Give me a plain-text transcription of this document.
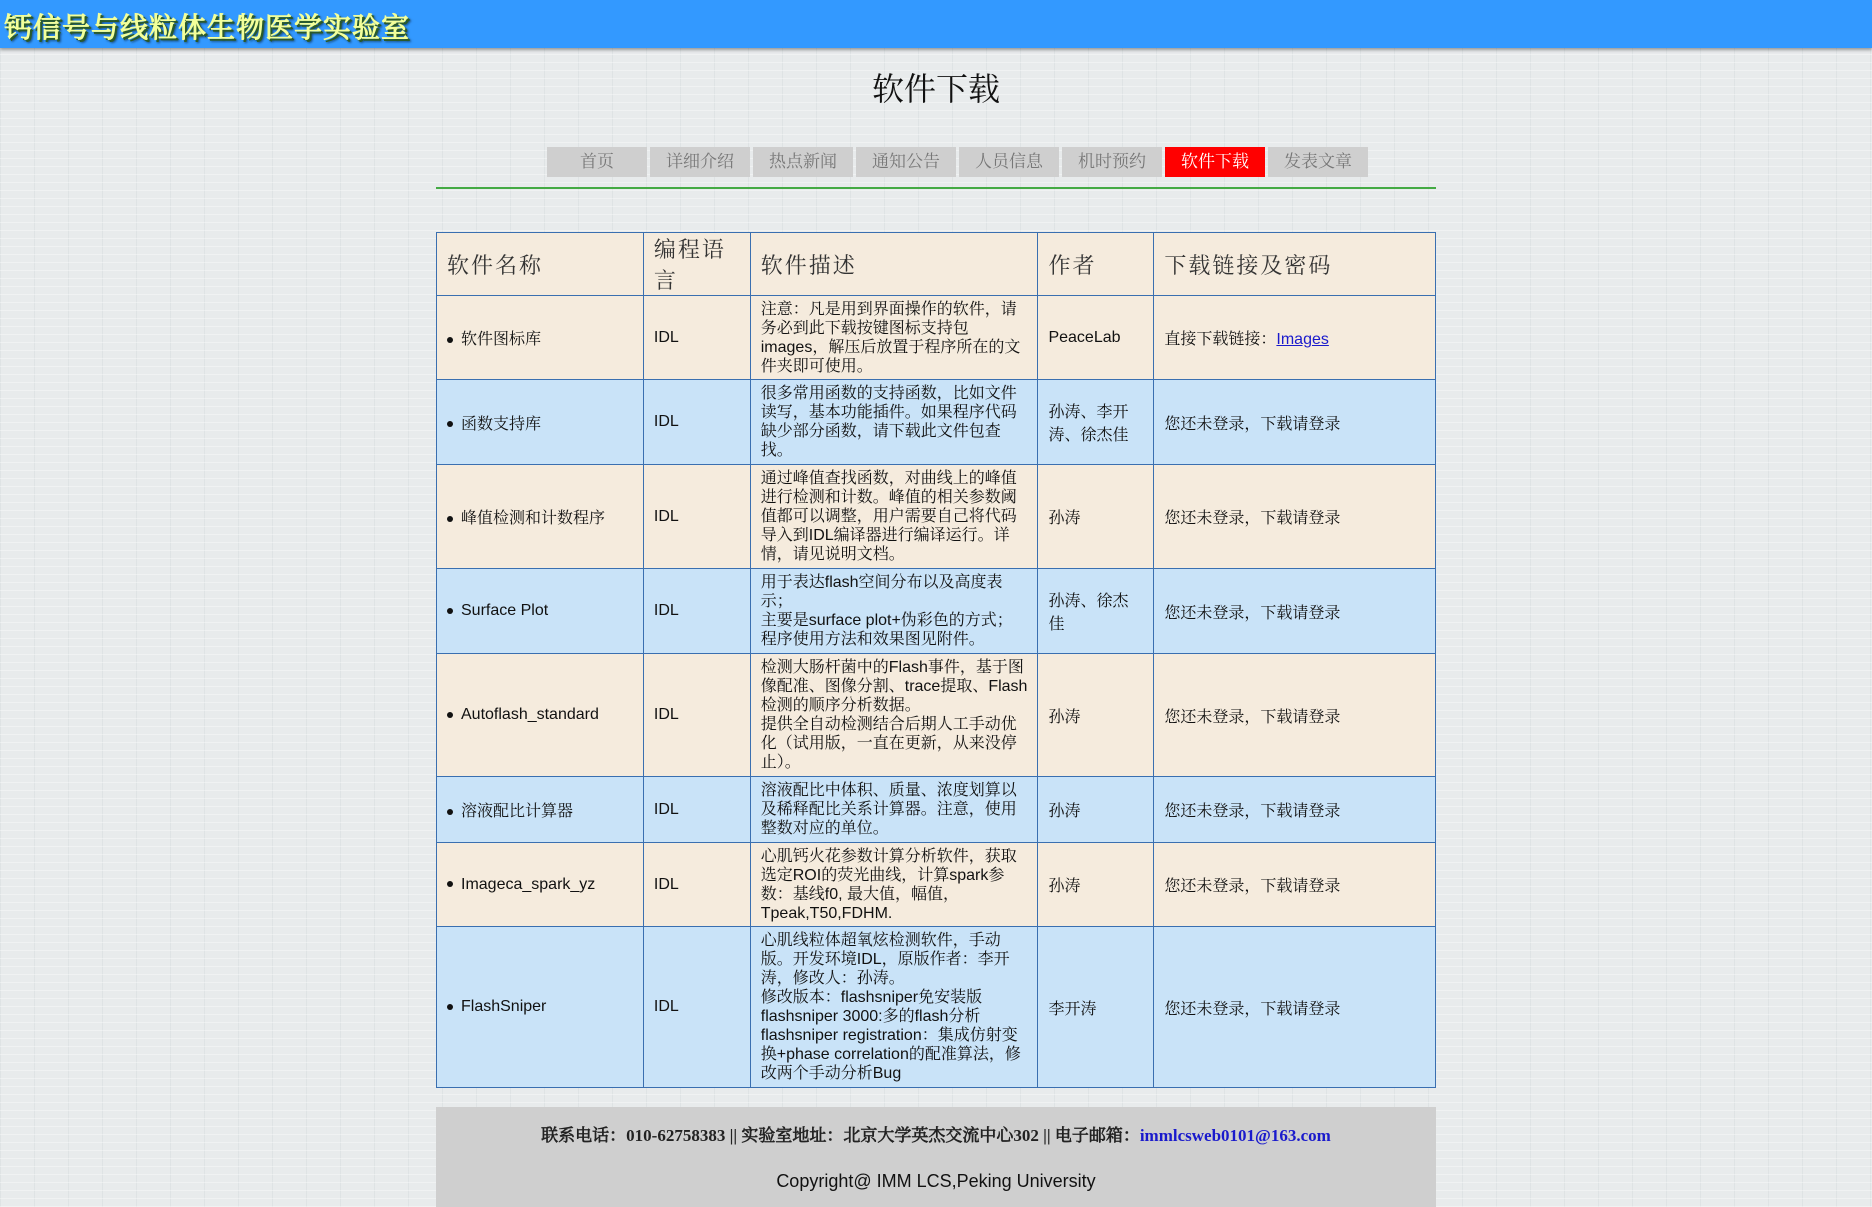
钙信号与线粒体生物医学实验室
软件下载
首页	详细介绍	热点新闻	通知公告	人员信息	机时预约	软件下载	发表文章
软件名称	编程语言	软件描述	作者	下载链接及密码
软件图标库	IDL	注意：凡是用到界面操作的软件，请务必到此下载按键图标支持包images，解压后放置于程序所在的文件夹即可使用。	PeaceLab	直接下载链接：Images
函数支持库	IDL	很多常用函数的支持函数，比如文件读写，基本功能插件。如果程序代码缺少部分函数，请下载此文件包查找。	孙涛、李开涛、徐杰佳	您还未登录，下载请登录
峰值检测和计数程序	IDL	通过峰值查找函数，对曲线上的峰值进行检测和计数。峰值的相关参数阈值都可以调整，用户需要自己将代码导入到IDL编译器进行编译运行。详情，请见说明文档。	孙涛	您还未登录，下载请登录
Surface Plot	IDL	用于表达flash空间分布以及高度表示；
主要是surface plot+伪彩色的方式；
程序使用方法和效果图见附件。	孙涛、徐杰佳	您还未登录，下载请登录
Autoflash_standard	IDL	检测大肠杆菌中的Flash事件，基于图像配准、图像分割、trace提取、Flash检测的顺序分析数据。
提供全自动检测结合后期人工手动优化（试用版，一直在更新，从来没停止）。	孙涛	您还未登录，下载请登录
溶液配比计算器	IDL	溶液配比中体积、质量、浓度划算以及稀释配比关系计算器。注意，使用整数对应的单位。	孙涛	您还未登录，下载请登录
Imageca_spark_yz	IDL	心肌钙火花参数计算分析软件，获取选定ROI的荧光曲线，计算spark参数：基线f0, 最大值，幅值，Tpeak,T50,FDHM.	孙涛	您还未登录，下载请登录
FlashSniper	IDL	心肌线粒体超氧炫检测软件，手动版。开发环境IDL，原版作者：李开涛，修改人：孙涛。
修改版本：flashsniper免安装版
flashsniper 3000:多的flash分析
flashsniper registration：集成仿射变换+phase correlation的配准算法，修改两个手动分析Bug	李开涛	您还未登录，下载请登录
联系电话：010-62758383 || 实验室地址：北京大学英杰交流中心302 || 电子邮箱：immlcsweb0101@163.com
Copyright@ IMM LCS,Peking University
